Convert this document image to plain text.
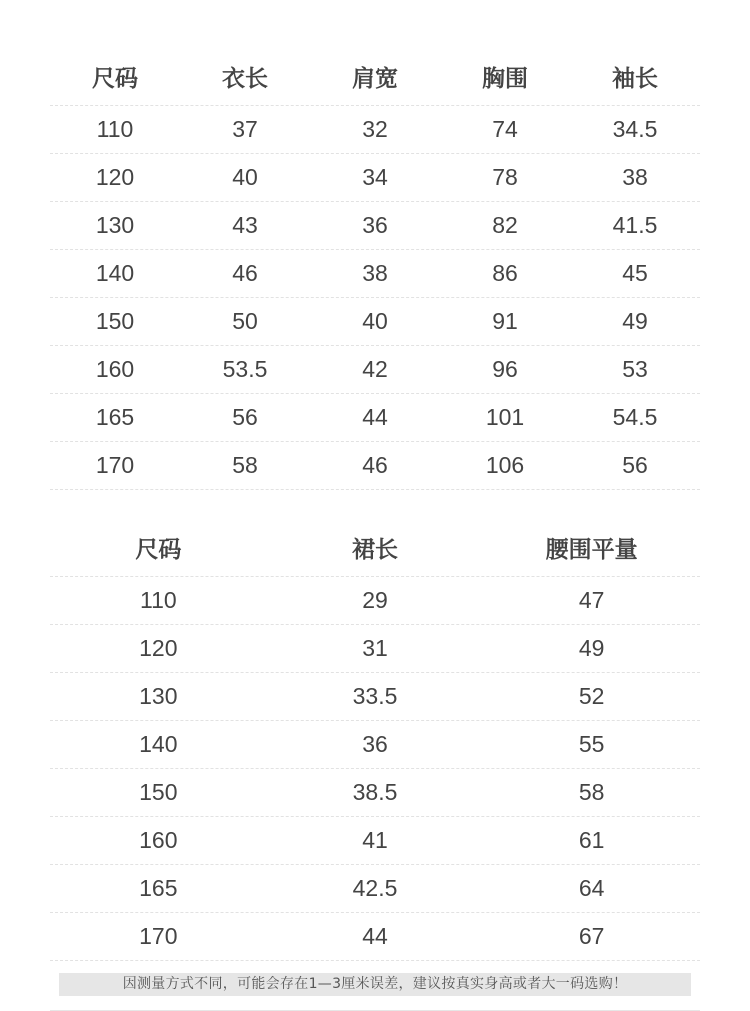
尺码	衣长	肩宽	胸围	袖长
110	37	32	74	34.5
120	40	34	78	38
130	43	36	82	41.5
140	46	38	86	45
150	50	40	91	49
160	53.5	42	96	53
165	56	44	101	54.5
170	58	46	106	56
尺码	裙长	腰围平量
110	29	47
120	31	49
130	33.5	52
140	36	55
150	38.5	58
160	41	61
165	42.5	64
170	44	67
因测量方式不同，可能会存在1—3厘米误差，建议按真实身高或者大一码选购！
